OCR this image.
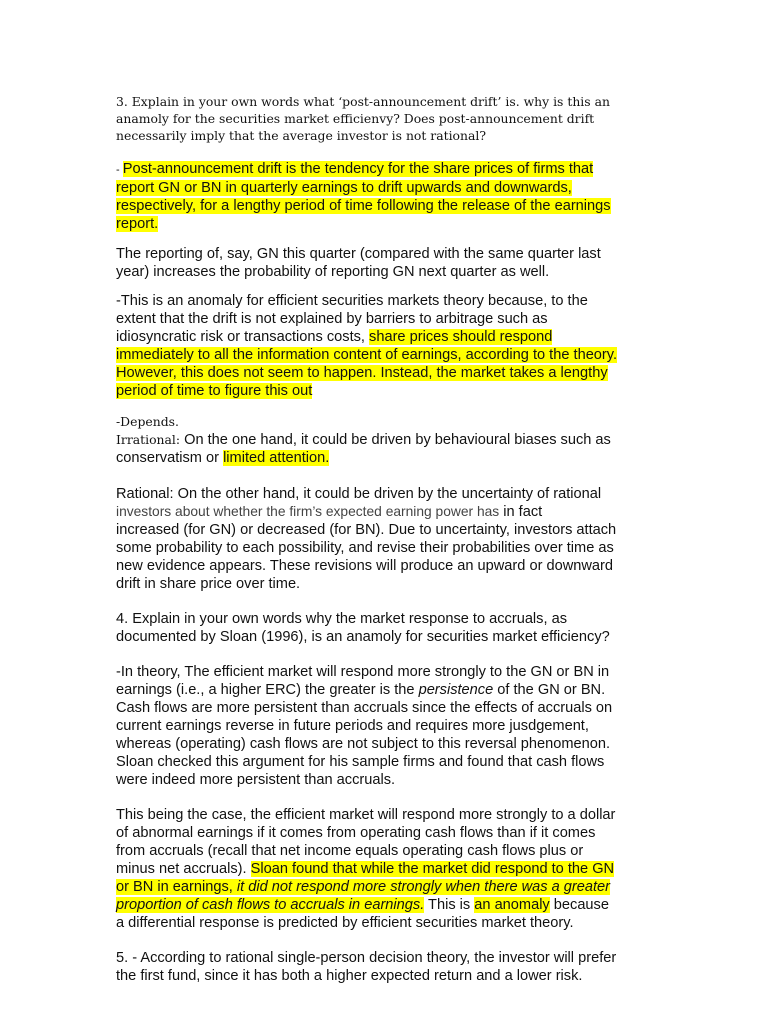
3. Explain in your own words what ‘post-announcement drift’ is. why is this an
anamoly for the securities market efficienvy? Does post-announcement drift
necessarily imply that the average investor is not rational?
- Post-announcement drift is the tendency for the share prices of firms that
report GN or BN in quarterly earnings to drift upwards and downwards,
respectively, for a lengthy period of time following the release of the earnings
report.
The reporting of, say, GN this quarter (compared with the same quarter last
year) increases the probability of reporting GN next quarter as well.
-This is an anomaly for efficient securities markets theory because, to the
extent that the drift is not explained by barriers to arbitrage such as
idiosyncratic risk or transactions costs, share prices should respond
immediately to all the information content of earnings, according to the theory.
However, this does not seem to happen. Instead, the market takes a lengthy
period of time to figure this out
-Depends.
Irrational: On the one hand, it could be driven by behavioural biases such as
conservatism or limited attention.
Rational: On the other hand, it could be driven by the uncertainty of rational
investors about whether the firm’s expected earning power has in fact
increased (for GN) or decreased (for BN). Due to uncertainty, investors attach
some probability to each possibility, and revise their probabilities over time as
new evidence appears. These revisions will produce an upward or downward
drift in share price over time.
4. Explain in your own words why the market response to accruals, as
documented by Sloan (1996), is an anamoly for securities market efficiency?
-In theory, The efficient market will respond more strongly to the GN or BN in
earnings (i.e., a higher ERC) the greater is the persistence of the GN or BN.
Cash flows are more persistent than accruals since the effects of accruals on
current earnings reverse in future periods and requires more jusdgement,
whereas (operating) cash flows are not subject to this reversal phenomenon.
Sloan checked this argument for his sample firms and found that cash flows
were indeed more persistent than accruals.
This being the case, the efficient market will respond more strongly to a dollar
of abnormal earnings if it comes from operating cash flows than if it comes
from accruals (recall that net income equals operating cash flows plus or
minus net accruals). Sloan found that while the market did respond to the GN
or BN in earnings, it did not respond more strongly when there was a greater
proportion of cash flows to accruals in earnings. This is an anomaly because
a differential response is predicted by efficient securities market theory.
5. - According to rational single-person decision theory, the investor will prefer
the first fund, since it has both a higher expected return and a lower risk.
